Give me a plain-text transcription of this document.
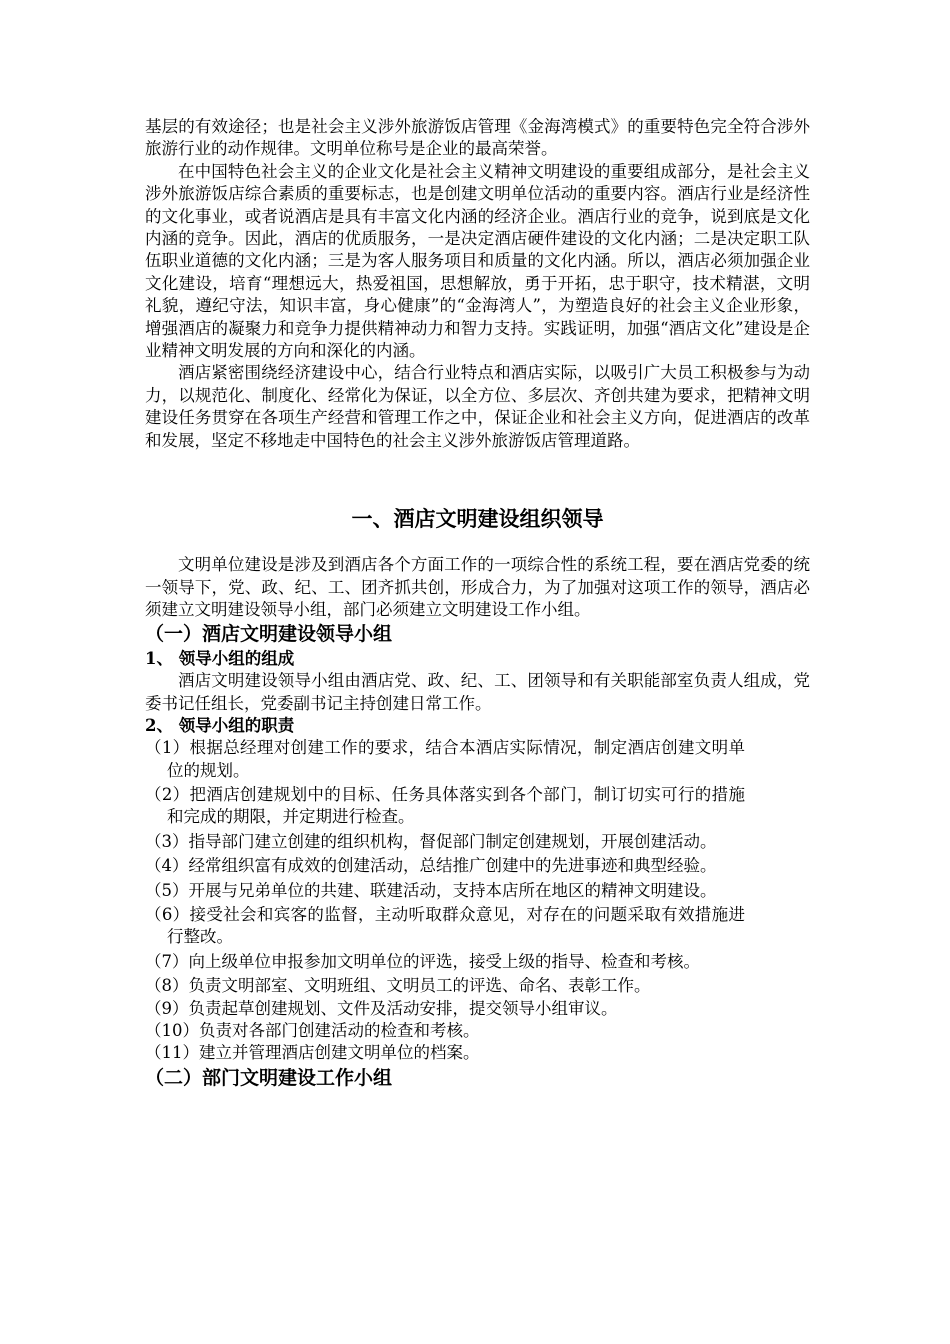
基层的有效途径；也是社会主义涉外旅游饭店管理《金海湾模式》的重要特色完全符合涉外旅游行业的动作规律。文明单位称号是企业的最高荣誉。

在中国特色社会主义的企业文化是社会主义精神文明建设的重要组成部分，是社会主义涉外旅游饭店综合素质的重要标志，也是创建文明单位活动的重要内容。酒店行业是经济性的文化事业，或者说酒店是具有丰富文化内涵的经济企业。酒店行业的竞争，说到底是文化内涵的竞争。因此，酒店的优质服务，一是决定酒店硬件建设的文化内涵；二是决定职工队伍职业道德的文化内涵；三是为客人服务项目和质量的文化内涵。所以，酒店必须加强企业文化建设，培育“理想远大，热爱祖国，思想解放，勇于开拓，忠于职守，技术精湛，文明礼貌，遵纪守法，知识丰富，身心健康”的“金海湾人”，为塑造良好的社会主义企业形象，增强酒店的凝聚力和竞争力提供精神动力和智力支持。实践证明，加强“酒店文化”建设是企业精神文明发展的方向和深化的内涵。

酒店紧密围绕经济建设中心，结合行业特点和酒店实际，以吸引广大员工积极参与为动力，以规范化、制度化、经常化为保证，以全方位、多层次、齐创共建为要求，把精神文明建设任务贯穿在各项生产经营和管理工作之中，保证企业和社会主义方向，促进酒店的改革和发展，坚定不移地走中国特色的社会主义涉外旅游饭店管理道路。

一、酒店文明建设组织领导

文明单位建设是涉及到酒店各个方面工作的一项综合性的系统工程，要在酒店党委的统一领导下，党、政、纪、工、团齐抓共创，形成合力，为了加强对这项工作的领导，酒店必须建立文明建设领导小组，部门必须建立文明建设工作小组。

（一）酒店文明建设领导小组
1、 领导小组的组成

酒店文明建设领导小组由酒店党、政、纪、工、团领导和有关职能部室负责人组成，党委书记任组长，党委副书记主持创建日常工作。

2、 领导小组的职责

（1）根据总经理对创建工作的要求，结合本酒店实际情况，制定酒店创建文明单位的规划。

（2）把酒店创建规划中的目标、任务具体落实到各个部门，制订切实可行的措施和完成的期限，并定期进行检查。

（3）指导部门建立创建的组织机构，督促部门制定创建规划，开展创建活动。

（4）经常组织富有成效的创建活动，总结推广创建中的先进事迹和典型经验。

（5）开展与兄弟单位的共建、联建活动，支持本店所在地区的精神文明建设。

（6）接受社会和宾客的监督，主动听取群众意见，对存在的问题采取有效措施进行整改。

（7）向上级单位申报参加文明单位的评选，接受上级的指导、检查和考核。

（8）负责文明部室、文明班组、文明员工的评选、命名、表彰工作。

（9）负责起草创建规划、文件及活动安排，提交领导小组审议。

（10）负责对各部门创建活动的检查和考核。

（11）建立并管理酒店创建文明单位的档案。

（二）部门文明建设工作小组
